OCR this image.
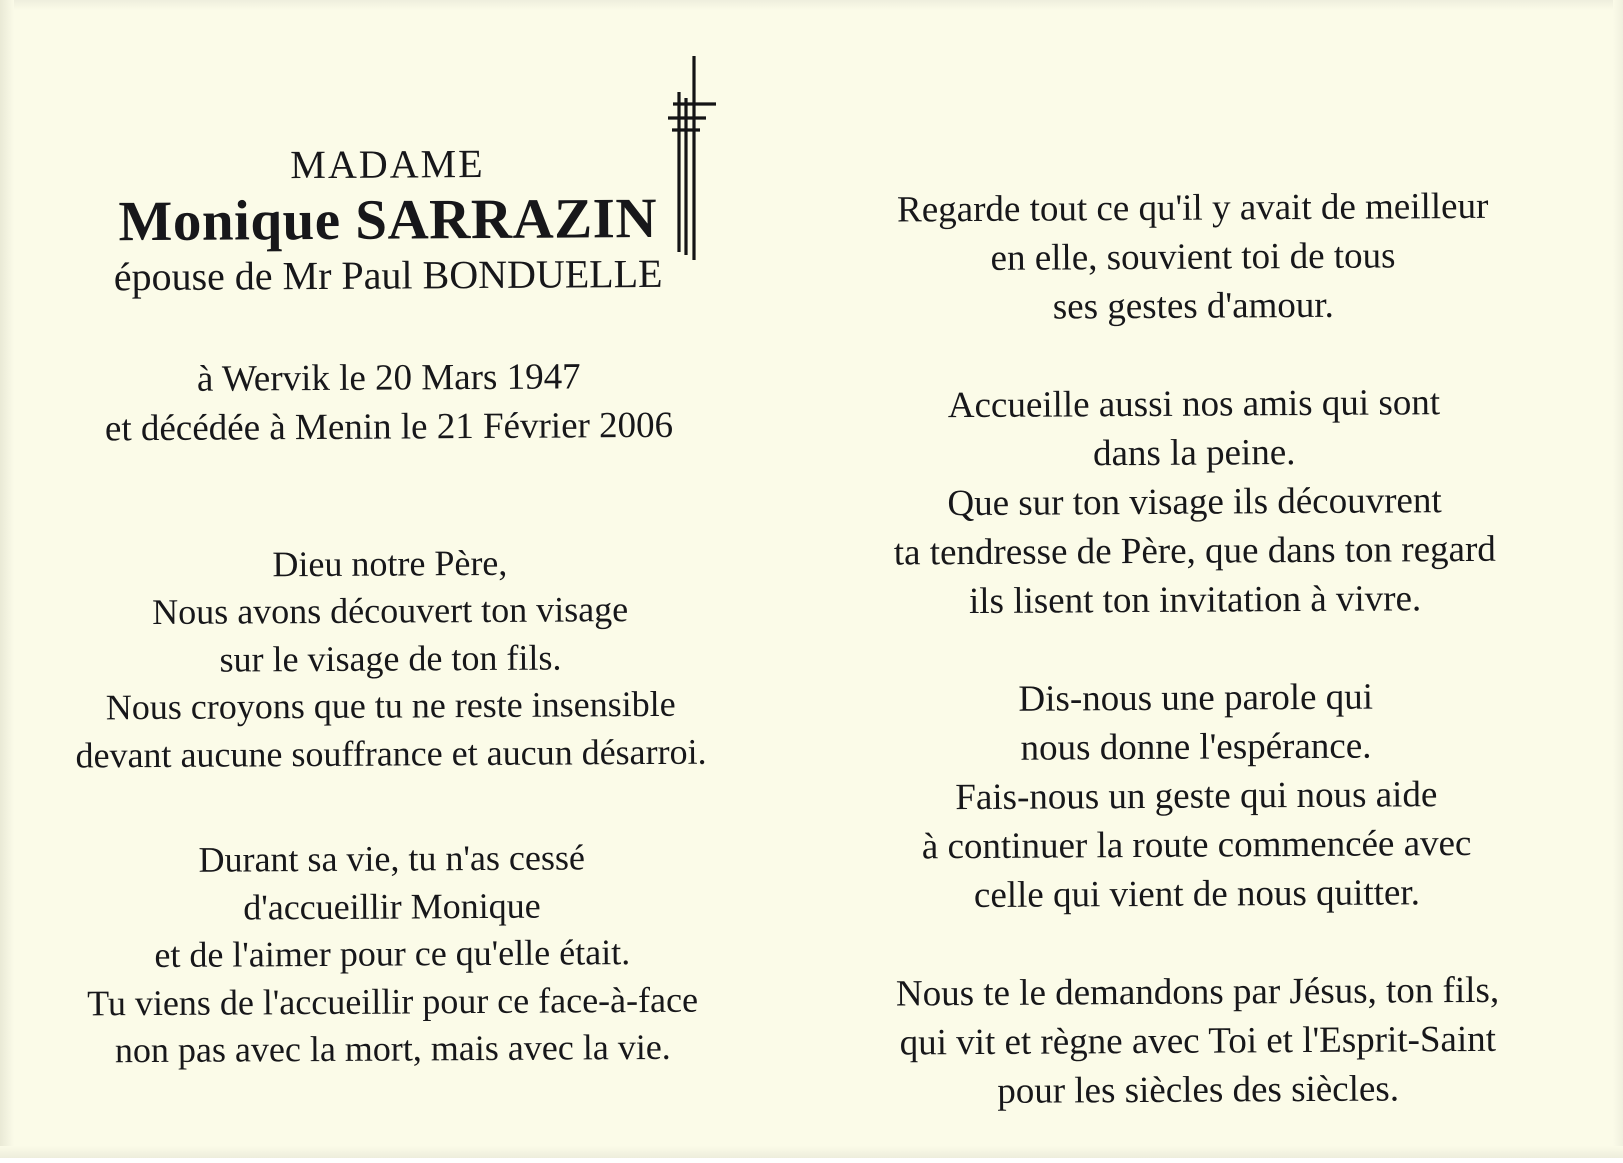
MADAME
Monique SARRAZIN
épouse de Mr Paul BONDUELLE
à Wervik le 20 Mars 1947
et décédée à Menin le 21 Février 2006
Dieu notre Père,
Nous avons découvert ton visage
sur le visage de ton fils.
Nous croyons que tu ne reste insensible
devant aucune souffrance et aucun désarroi.
Durant sa vie, tu n'as cessé
d'accueillir Monique
et de l'aimer pour ce qu'elle était.
Tu viens de l'accueillir pour ce face-à-face
non pas avec la mort, mais avec la vie.
Regarde tout ce qu'il y avait de meilleur
en elle, souvient toi de tous
ses gestes d'amour.
Accueille aussi nos amis qui sont
dans la peine.
Que sur ton visage ils découvrent
ta tendresse de Père, que dans ton regard
ils lisent ton invitation à vivre.
Dis-nous une parole qui
nous donne l'espérance.
Fais-nous un geste qui nous aide
à continuer la route commencée avec
celle qui vient de nous quitter.
Nous te le demandons par Jésus, ton fils,
qui vit et règne avec Toi et l'Esprit-Saint
pour les siècles des siècles.
